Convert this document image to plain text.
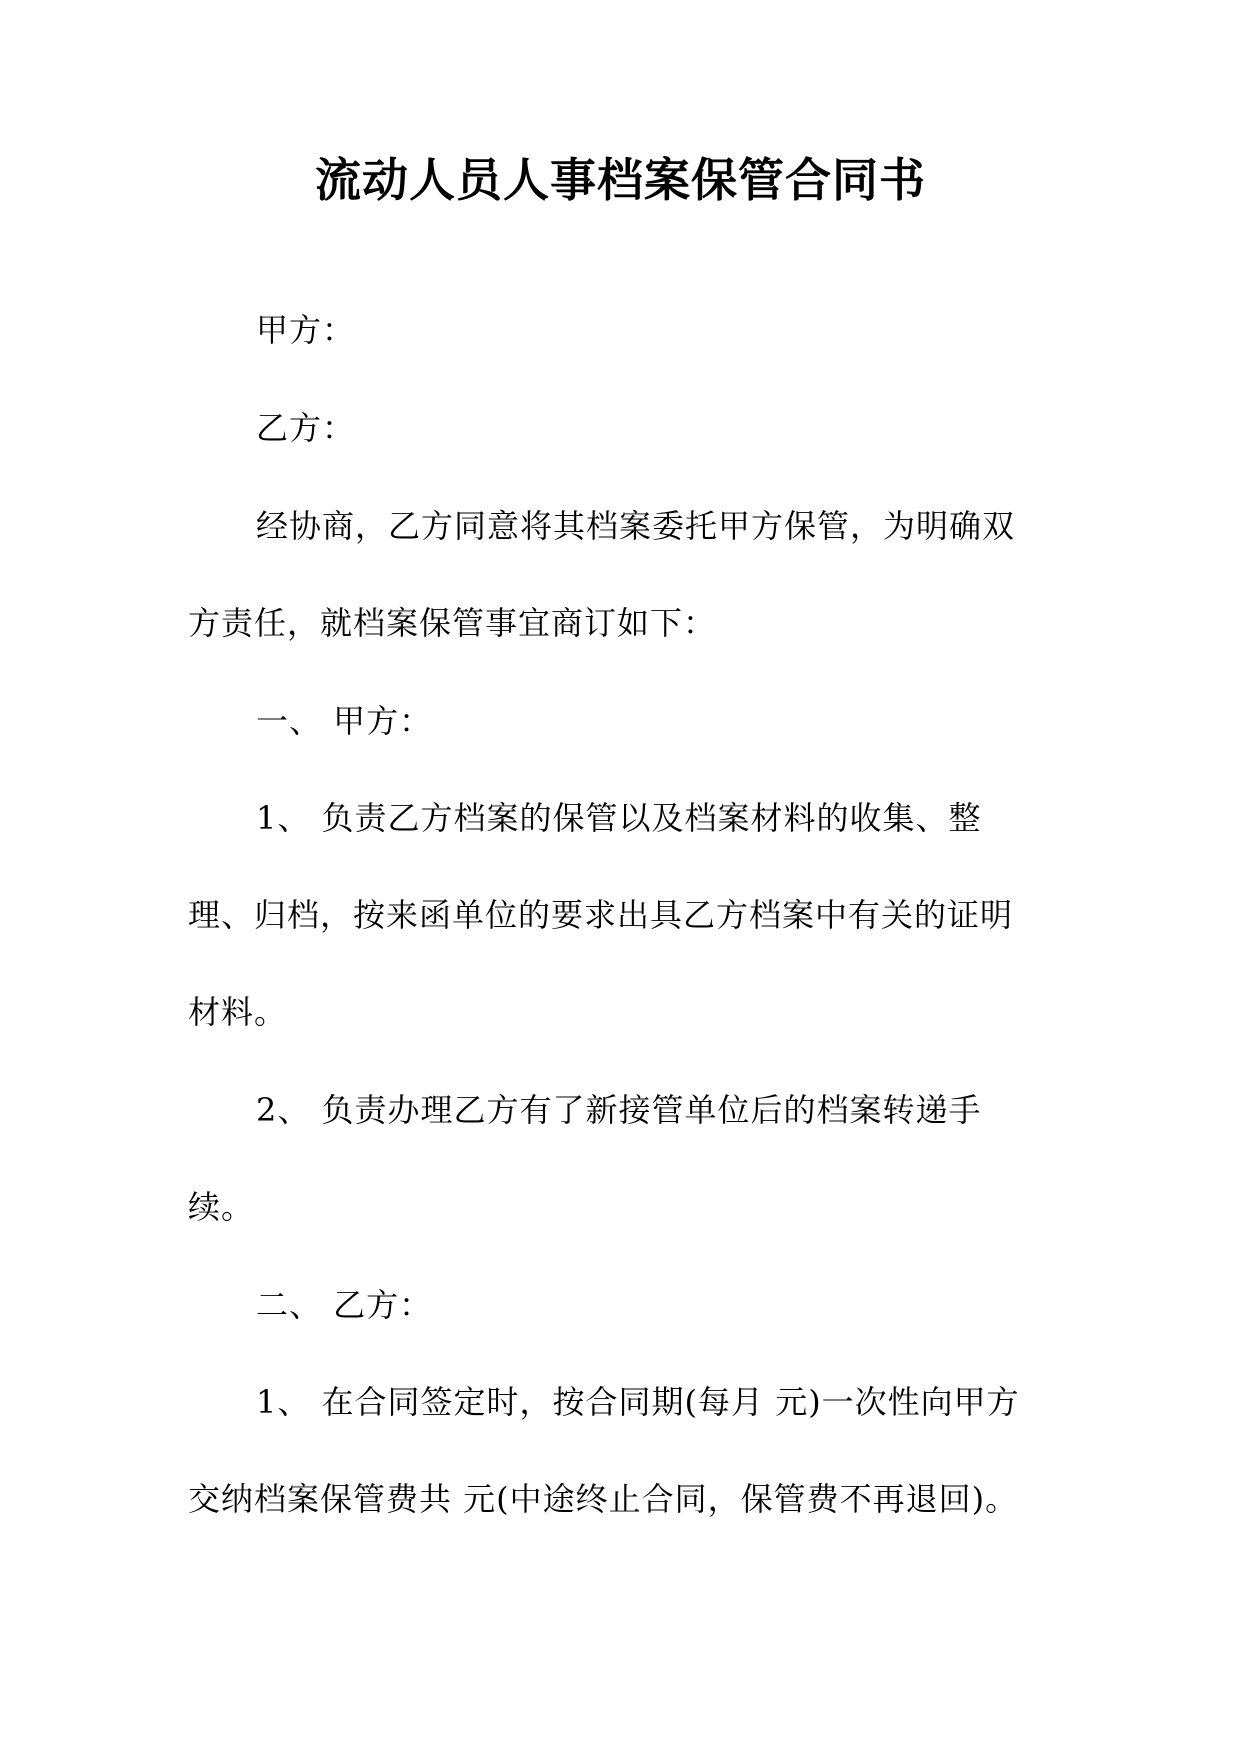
流动人员人事档案保管合同书

甲方：

乙方：

经协商，乙方同意将其档案委托甲方保管，为明确双

方责任，就档案保管事宜商订如下：

一、 甲方：

1、 负责乙方档案的保管以及档案材料的收集、整

理、归档，按来函单位的要求出具乙方档案中有关的证明

材料。

2、 负责办理乙方有了新接管单位后的档案转递手

续。

二、 乙方：

1、 在合同签定时，按合同期(每月 元)一次性向甲方

交纳档案保管费共 元(中途终止合同，保管费不再退回)。
